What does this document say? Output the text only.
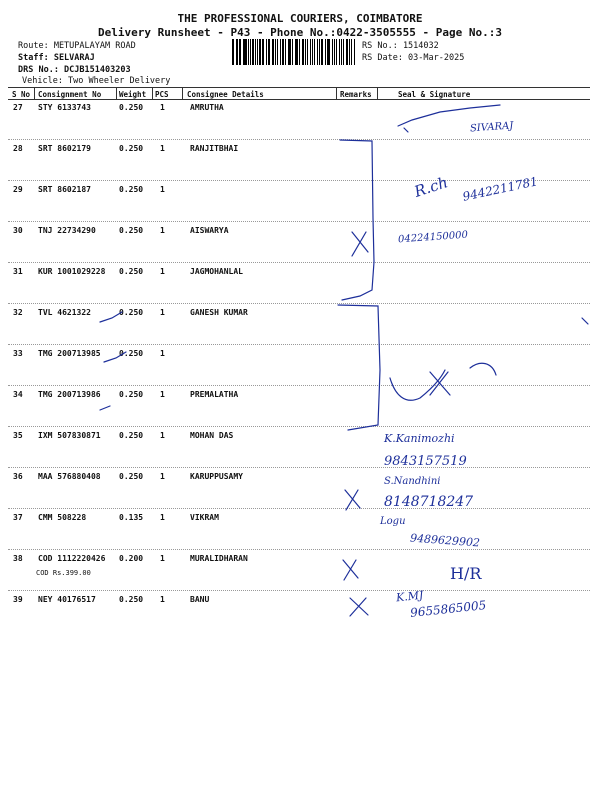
THE PROFESSIONAL COURIERS, COIMBATORE
Delivery Runsheet - P43 - Phone No.:0422-3505555 - Page No.:3
Route: METUPALAYAM ROAD
Staff: SELVARAJ
DRS No.: DCJB151403203
Vehicle: Two Wheeler Delivery
RS No.: 1514032
RS Date: 03-Mar-2025
S No Consignment No Weight PCS Consignee Details	Remarks	Seal & Signature
27 STY 6133743	0.250 1	AMRUTHA
28 SRT 8602179	0.250 1	RANJITBHAI
29 SRT 8602187	0.250 1
30 TNJ 22734290	0.250 1	AISWARYA
31 KUR 1001029228 0.250 1	JAGMOHANLAL
32 TVL 4621322	0.250 1	GANESH KUMAR
33 TMG 200713985 0.250 1
34 TMG 200713986 0.250 1	PREMALATHA
35 IXM 507830871 0.250 1	MOHAN DAS
36 MAA 576880408 0.250 1	KARUPPUSAMY
37 CMM 508228	0.135 1	VIKRAM
38 COD 1112220426 0.200 1	MURALIDHARAN
COD Rs.399.00
39 NEY 40176517	0.250 1	BANU
SIVARAJ
R.ch 9442211781
04224150000
K.Kanimozhi
9843157519
S.Nandhini
8148718247
Logu
9489629902
H/R
K.MJ
9655865005
